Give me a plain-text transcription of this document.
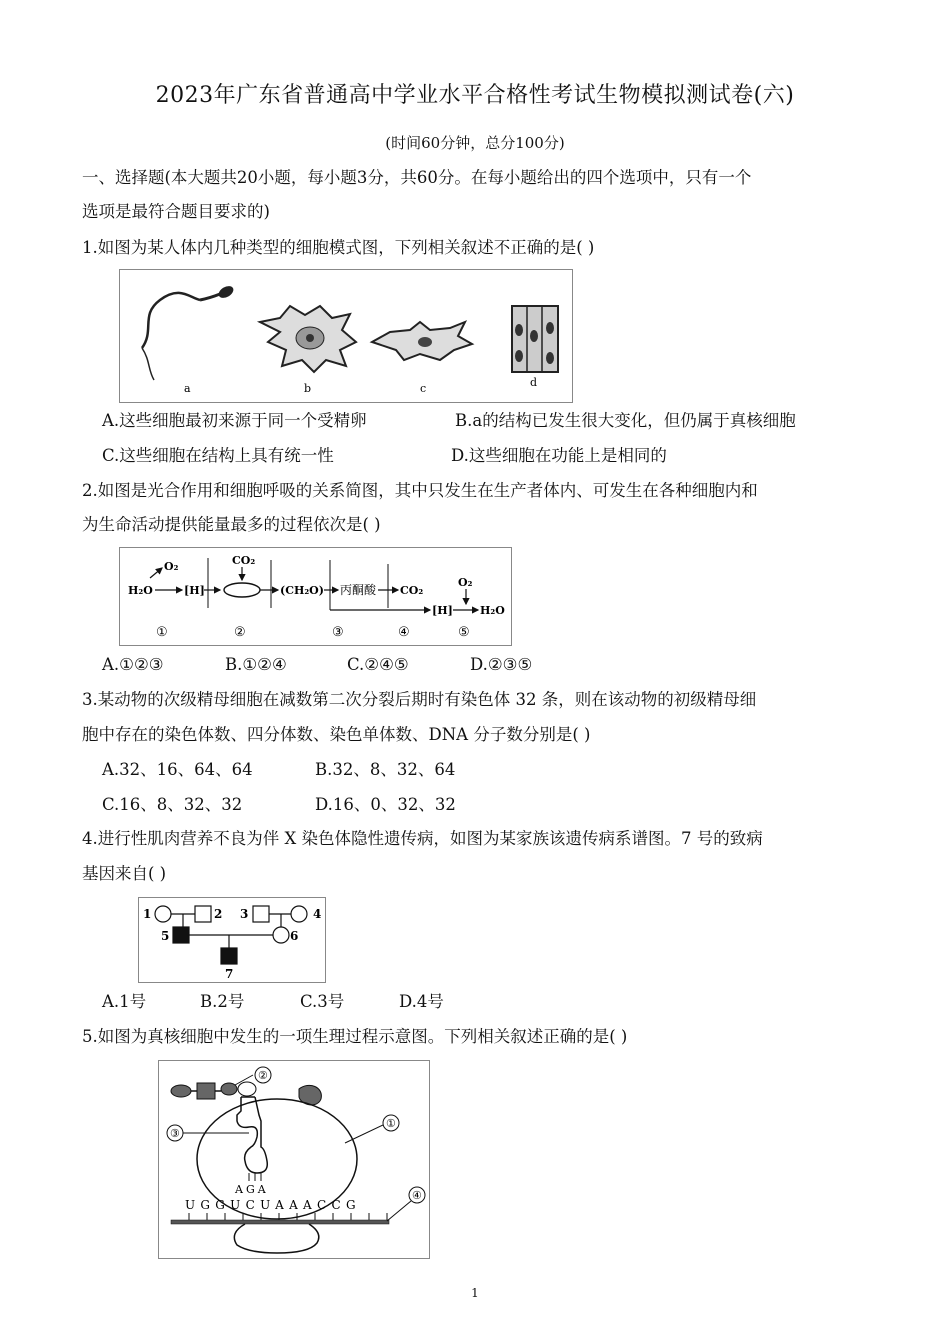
2023年广东省普通高中学业水平合格性考试生物模拟测试卷(六)
(时间60分钟，总分100分)
一、选择题(本大题共20小题，每小题3分，共60分。在每小题给出的四个选项中，只有一个
选项是最符合题目要求的)
1.如图为某人体内几种类型的细胞模式图，下列相关叙述不正确的是( )
a	b	c	d
A.这些细胞最初来源于同一个受精卵	B.a的结构已发生很大变化，但仍属于真核细胞
C.这些细胞在结构上具有统一性	D.这些细胞在功能上是相同的
2.如图是光合作用和细胞呼吸的关系简图，其中只发生在生产者体内、可发生在各种细胞内和
为生命活动提供能量最多的过程依次是( )
O₂
H₂O	[H]
CO₂
(CH₂O) 丙酮酸 CO₂
[H]
O₂
H₂O
①	②	③	④	⑤
A.①②③	B.①②④	C.②④⑤	D.②③⑤
3.某动物的次级精母细胞在减数第二次分裂后期时有染色体 32 条，则在该动物的初级精母细
胞中存在的染色体数、四分体数、染色单体数、DNA 分子数分别是( )
A.32、16、64、64	B.32、8、32、64
C.16、8、32、32	D.16、0、32、32
4.进行性肌肉营养不良为伴 X 染色体隐性遗传病，如图为某家族该遗传病系谱图。7 号的致病
基因来自( )
1	2 3	4
5	6
7
A.1号	B.2号	C.3号	D.4号
5.如图为真核细胞中发生的一项生理过程示意图。下列相关叙述正确的是( )
②
AGA
③
①
UGGUCUAAACCG
④
1
